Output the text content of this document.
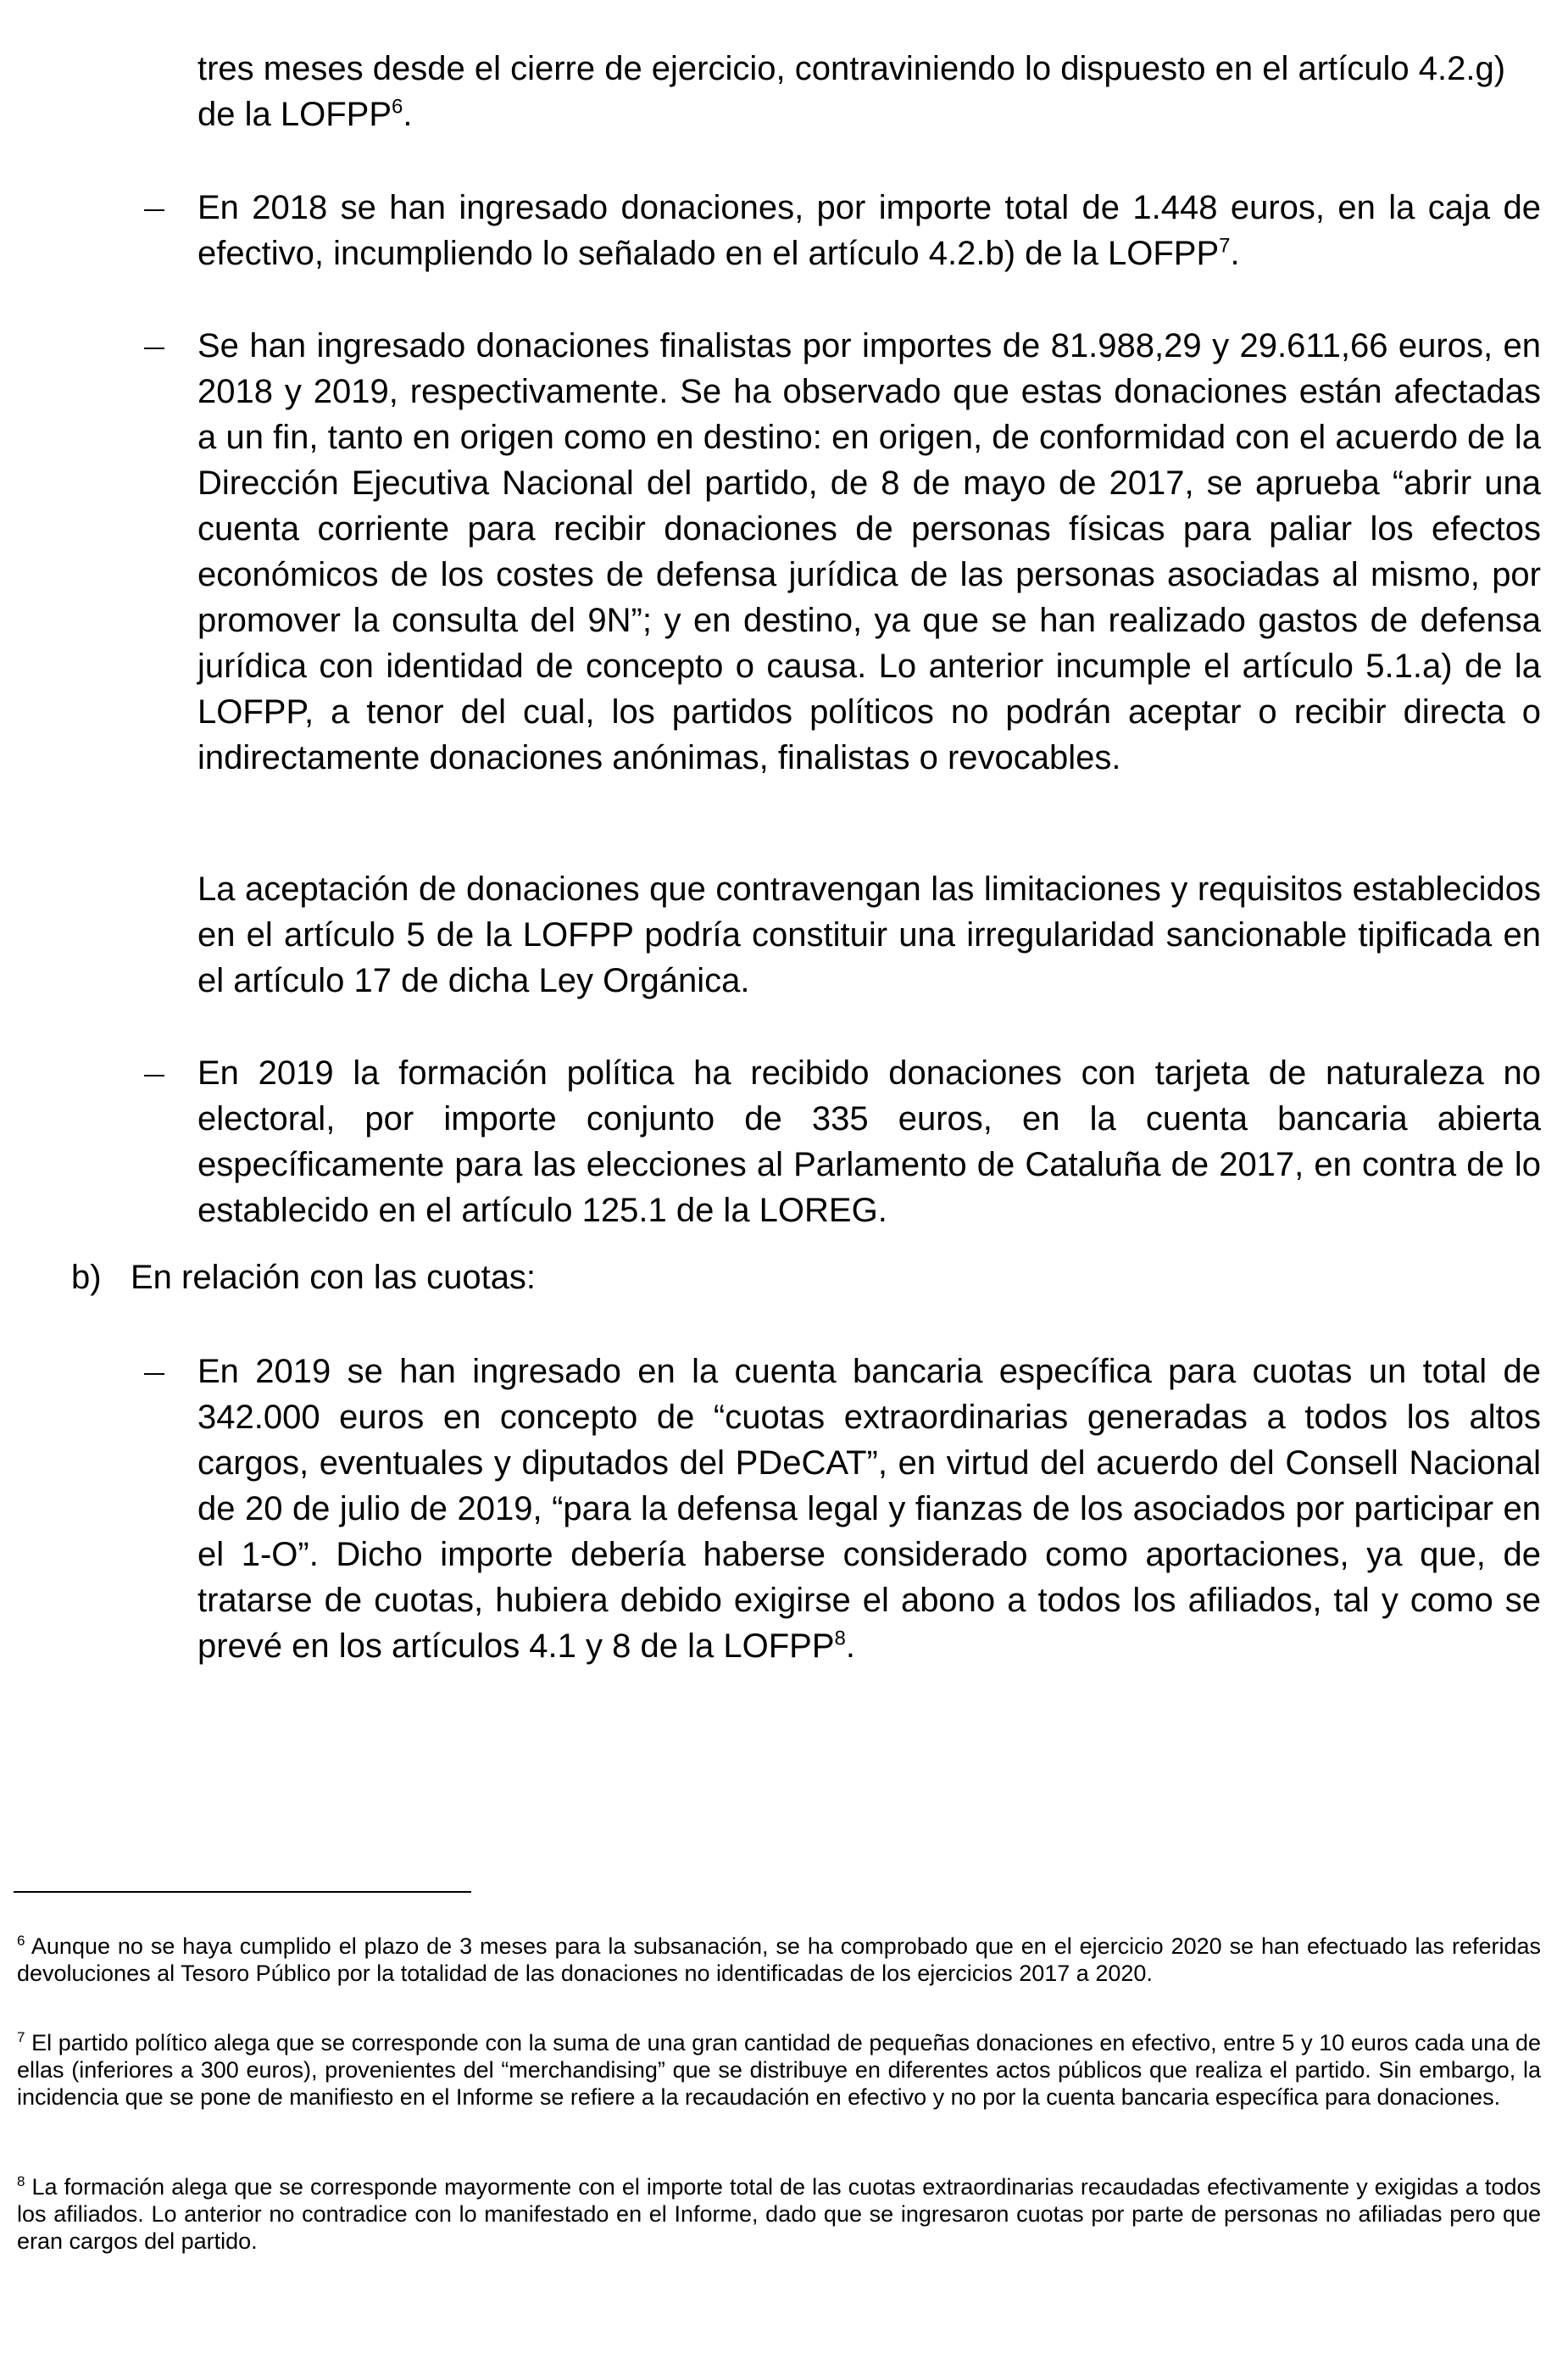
tres meses desde el cierre de ejercicio, contraviniendo lo dispuesto en el artículo 4.2.g)

de la LOFPP$^6$.

En 2018 se han ingresado donaciones, por importe total de 1.448 euros, en la caja de efectivo, incumpliendo lo señalado en el artículo 4.2.b) de la LOFPP$^7$.

Se han ingresado donaciones finalistas por importes de 81.988,29 y 29.611,66 euros, en 2018 y 2019, respectivamente. Se ha observado que estas donaciones están afectadas a un fin, tanto en origen como en destino: en origen, de conformidad con el acuerdo de la Dirección Ejecutiva Nacional del partido, de 8 de mayo de 2017, se aprueba “abrir una cuenta corriente para recibir donaciones de personas físicas para paliar los efectos económicos de los costes de defensa jurídica de las personas asociadas al mismo, por promover la consulta del 9N”; y en destino, ya que se han realizado gastos de defensa jurídica con identidad de concepto o causa. Lo anterior incumple el artículo 5.1.a) de la LOFPP, a tenor del cual, los partidos políticos no podrán aceptar o recibir directa o indirectamente donaciones anónimas, finalistas o revocables.

La aceptación de donaciones que contravengan las limitaciones y requisitos establecidos en el artículo 5 de la LOFPP podría constituir una irregularidad sancionable tipificada en el artículo 17 de dicha Ley Orgánica.

En 2019 la formación política ha recibido donaciones con tarjeta de naturaleza no electoral, por importe conjunto de 335 euros, en la cuenta bancaria abierta específicamente para las elecciones al Parlamento de Cataluña de 2017, en contra de lo establecido en el artículo 125.1 de la LOREG.

b) En relación con las cuotas:

En 2019 se han ingresado en la cuenta bancaria específica para cuotas un total de 342.000 euros en concepto de “cuotas extraordinarias generadas a todos los altos cargos, eventuales y diputados del PDeCAT”, en virtud del acuerdo del Consell Nacional de 20 de julio de 2019, “para la defensa legal y fianzas de los asociados por participar en el 1-O”. Dicho importe debería haberse considerado como aportaciones, ya que, de tratarse de cuotas, hubiera debido exigirse el abono a todos los afiliados, tal y como se prevé en los artículos 4.1 y 8 de la LOFPP$^8$.

$^6$ Aunque no se haya cumplido el plazo de 3 meses para la subsanación, se ha comprobado que en el ejercicio 2020 se han efectuado las referidas devoluciones al Tesoro Público por la totalidad de las donaciones no identificadas de los ejercicios 2017 a 2020.
$^7$ El partido político alega que se corresponde con la suma de una gran cantidad de pequeñas donaciones en efectivo, entre 5 y 10 euros cada una de ellas (inferiores a 300 euros), provenientes del “merchandising” que se distribuye en diferentes actos públicos que realiza el partido. Sin embargo, la incidencia que se pone de manifiesto en el Informe se refiere a la recaudación en efectivo y no por la cuenta bancaria específica para donaciones.
$^8$ La formación alega que se corresponde mayormente con el importe total de las cuotas extraordinarias recaudadas efectivamente y exigidas a todos los afiliados. Lo anterior no contradice con lo manifestado en el Informe, dado que se ingresaron cuotas por parte de personas no afiliadas pero que eran cargos del partido.
